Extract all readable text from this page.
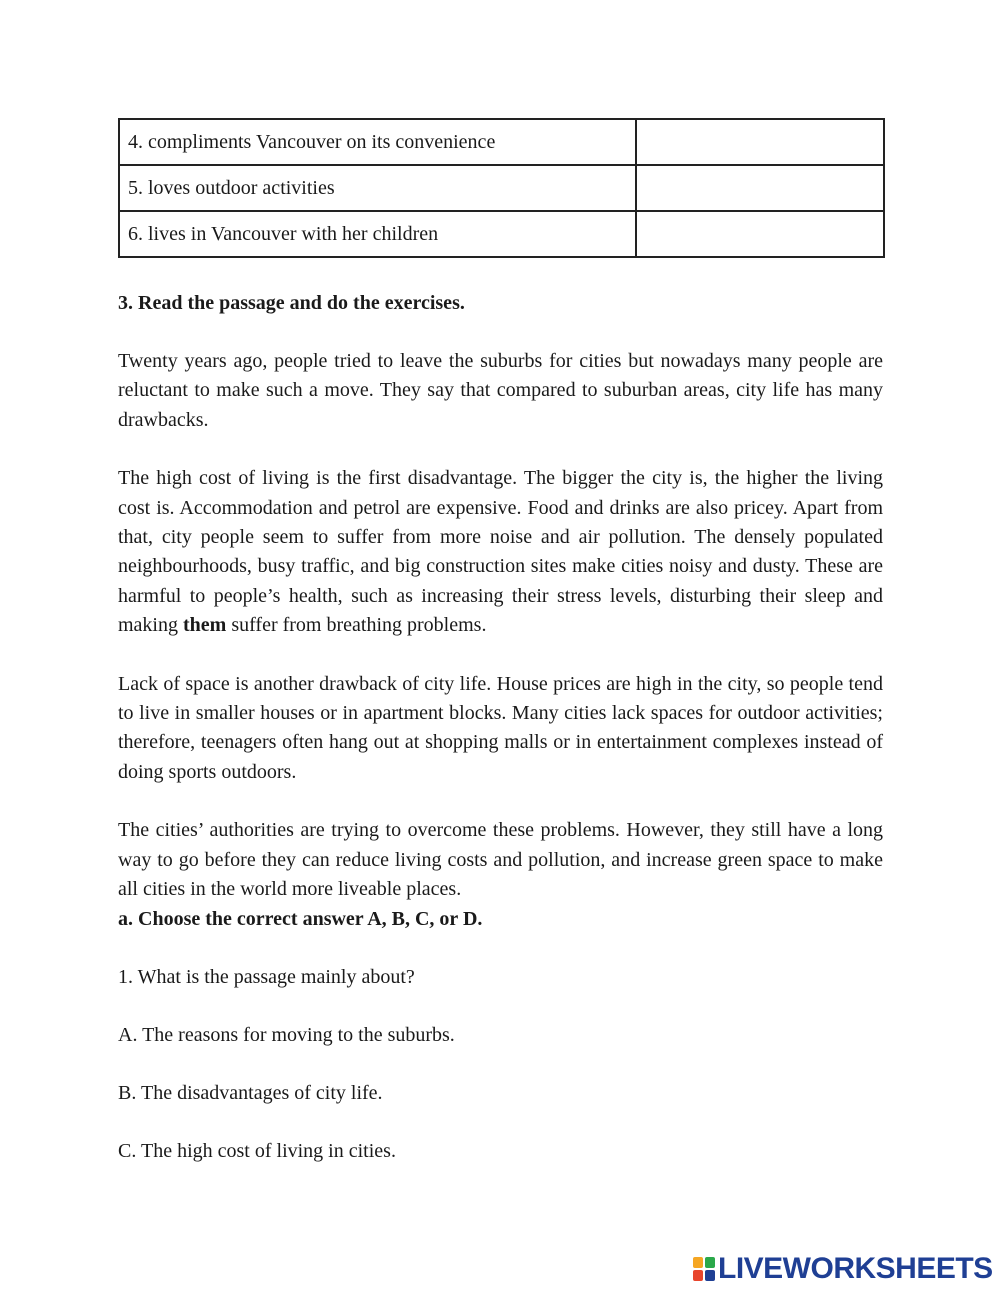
4. compliments Vancouver on its convenience	
5. loves outdoor activities	
6. lives in Vancouver with her children	
3. Read the passage and do the exercises.
Twenty years ago, people tried to leave the suburbs for cities but nowadays many people are reluctant to make such a move. They say that compared to suburban areas, city life has many drawbacks.
The high cost of living is the first disadvantage. The bigger the city is, the higher the living cost is. Accommodation and petrol are expensive. Food and drinks are also pricey. Apart from that, city people seem to suffer from more noise and air pollution. The densely populated neighbourhoods, busy traffic, and big construction sites make cities noisy and dusty. These are harmful to people’s health, such as increasing their stress levels, disturbing their sleep and making them suffer from breathing problems.
Lack of space is another drawback of city life. House prices are high in the city, so people tend to live in smaller houses or in apartment blocks. Many cities lack spaces for outdoor activities; therefore, teenagers often hang out at shopping malls or in entertainment complexes instead of doing sports outdoors.
The cities’ authorities are trying to overcome these problems. However, they still have a long way to go before they can reduce living costs and pollution, and increase green space to make all cities in the world more liveable places.
a. Choose the correct answer A, B, C, or D.
1. What is the passage mainly about?
A. The reasons for moving to the suburbs.
B. The disadvantages of city life.
C. The high cost of living in cities.
LIVEWORKSHEETS
